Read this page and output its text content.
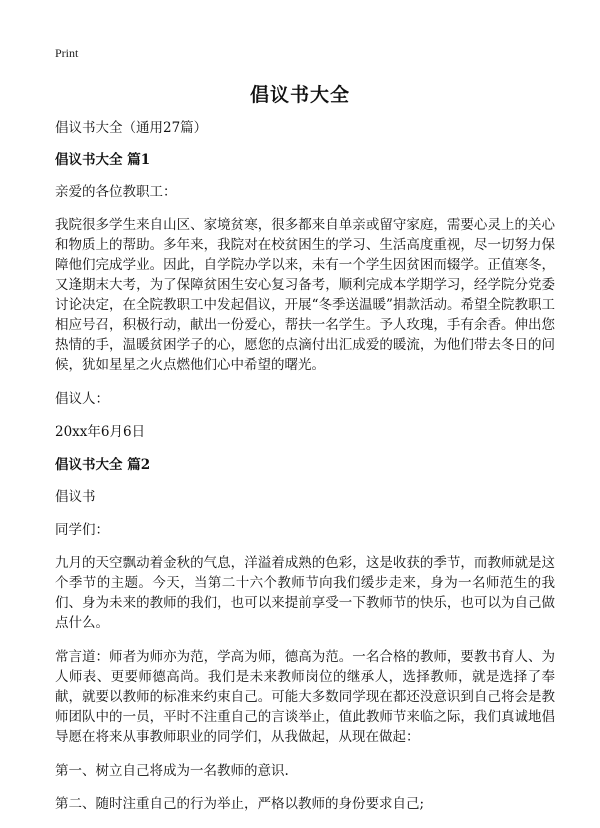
Print
倡议书大全

倡议书大全（通用27篇）

倡议书大全 篇1

亲爱的各位教职工：

我院很多学生来自山区、家境贫寒，很多都来自单亲或留守家庭，需要心灵上的关心和物质上的帮助。多年来，我院对在校贫困生的学习、生活高度重视，尽一切努力保障他们完成学业。因此，自学院办学以来，未有一个学生因贫困而辍学。正值寒冬，又逢期末大考，为了保障贫困生安心复习备考，顺利完成本学期学习，经学院分党委讨论决定，在全院教职工中发起倡议，开展“冬季送温暖”捐款活动。希望全院教职工相应号召，积极行动，献出一份爱心，帮扶一名学生。予人玫瑰，手有余香。伸出您热情的手，温暖贫困学子的心，愿您的点滴付出汇成爱的暖流，为他们带去冬日的问候，犹如星星之火点燃他们心中希望的曙光。

倡议人：

20xx年6月6日

倡议书大全 篇2

倡议书

同学们：

九月的天空飘动着金秋的气息，洋溢着成熟的色彩，这是收获的季节，而教师就是这个季节的主题。今天，当第二十六个教师节向我们缓步走来，身为一名师范生的我们、身为未来的教师的我们，也可以来提前享受一下教师节的快乐，也可以为自己做点什么。

常言道：师者为师亦为范，学高为师，德高为范。一名合格的教师，要教书育人、为人师表、更要师德高尚。我们是未来教师岗位的继承人，选择教师，就是选择了奉献，就要以教师的标准来约束自己。可能大多数同学现在都还没意识到自己将会是教师团队中的一员，平时不注重自己的言谈举止，值此教师节来临之际，我们真诚地倡导愿在将来从事教师职业的同学们，从我做起，从现在做起：

第一、树立自己将成为一名教师的意识.

第二、随时注重自己的行为举止，严格以教师的身份要求自己;
